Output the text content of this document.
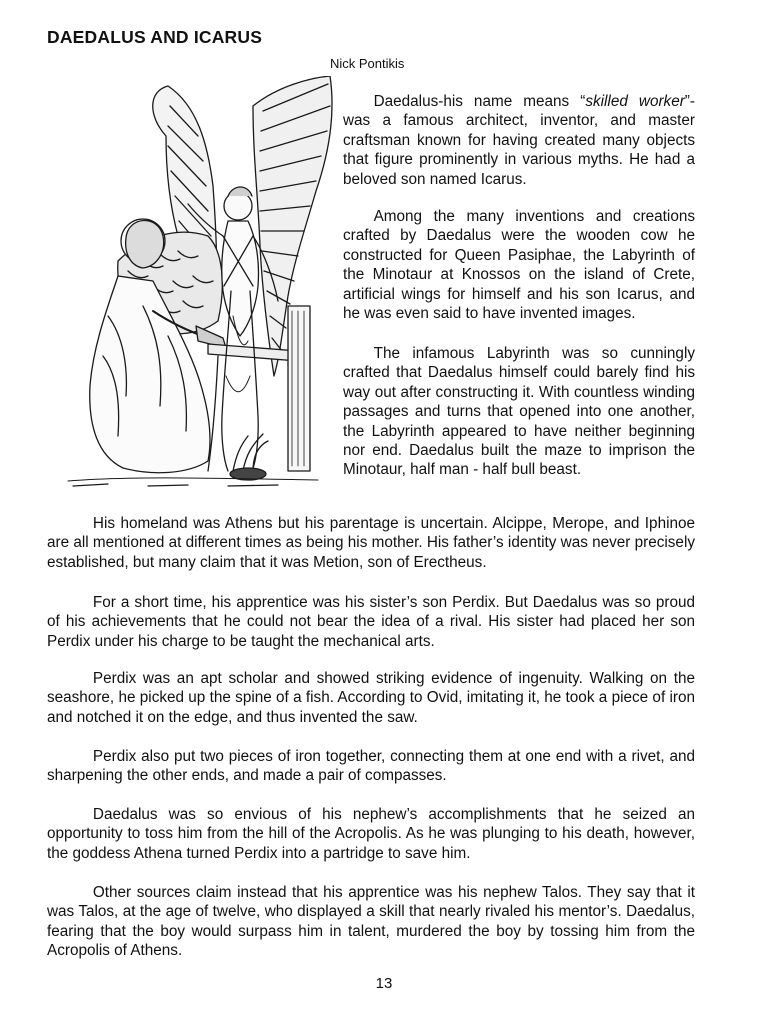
DAEDALUS AND ICARUS
Nick Pontikis

  Daedalus-his name means “skilled worker”- was a famous architect, inventor, and master craftsman known for having created many objects that figure prominently in various myths. He had a beloved son named Icarus.

  Among the many inventions and creations crafted by Daedalus were the wooden cow he constructed for Queen Pasiphae, the Labyrinth of the Minotaur at Knossos on the island of Crete, artificial wings for himself and his son Icarus, and he was even said to have invented images.

  The infamous Labyrinth was so cunningly crafted that Daedalus himself could barely find his way out after constructing it. With countless winding passages and turns that opened into one another, the Labyrinth appeared to have neither beginning nor end. Daedalus built the maze to imprison the Minotaur, half man - half bull beast.

   His homeland was Athens but his parentage is uncertain. Alcippe, Merope, and Iphinoe are all mentioned at different times as being his mother. His father’s identity was never precisely established, but many claim that it was Metion, son of Erectheus.

   For a short time, his apprentice was his sister’s son Perdix. But Daedalus was so proud of his achievements that he could not bear the idea of a rival. His sister had placed her son Perdix under his charge to be taught the mechanical arts.

   Perdix was an apt scholar and showed striking evidence of ingenuity. Walking on the seashore, he picked up the spine of a fish. According to Ovid, imitating it, he took a piece of iron and notched it on the edge, and thus invented the saw.

   Perdix also put two pieces of iron together, connecting them at one end with a rivet, and sharpening the other ends, and made a pair of compasses.

   Daedalus was so envious of his nephew’s accomplishments that he seized an opportunity to toss him from the hill of the Acropolis. As he was plunging to his death, however, the goddess Athena turned Perdix into a partridge to save him.

   Other sources claim instead that his apprentice was his nephew Talos. They say that it was Talos, at the age of twelve, who displayed a skill that nearly rivaled his mentor’s. Daedalus, fearing that the boy would surpass him in talent, murdered the boy by tossing him from the Acropolis of Athens.

13
